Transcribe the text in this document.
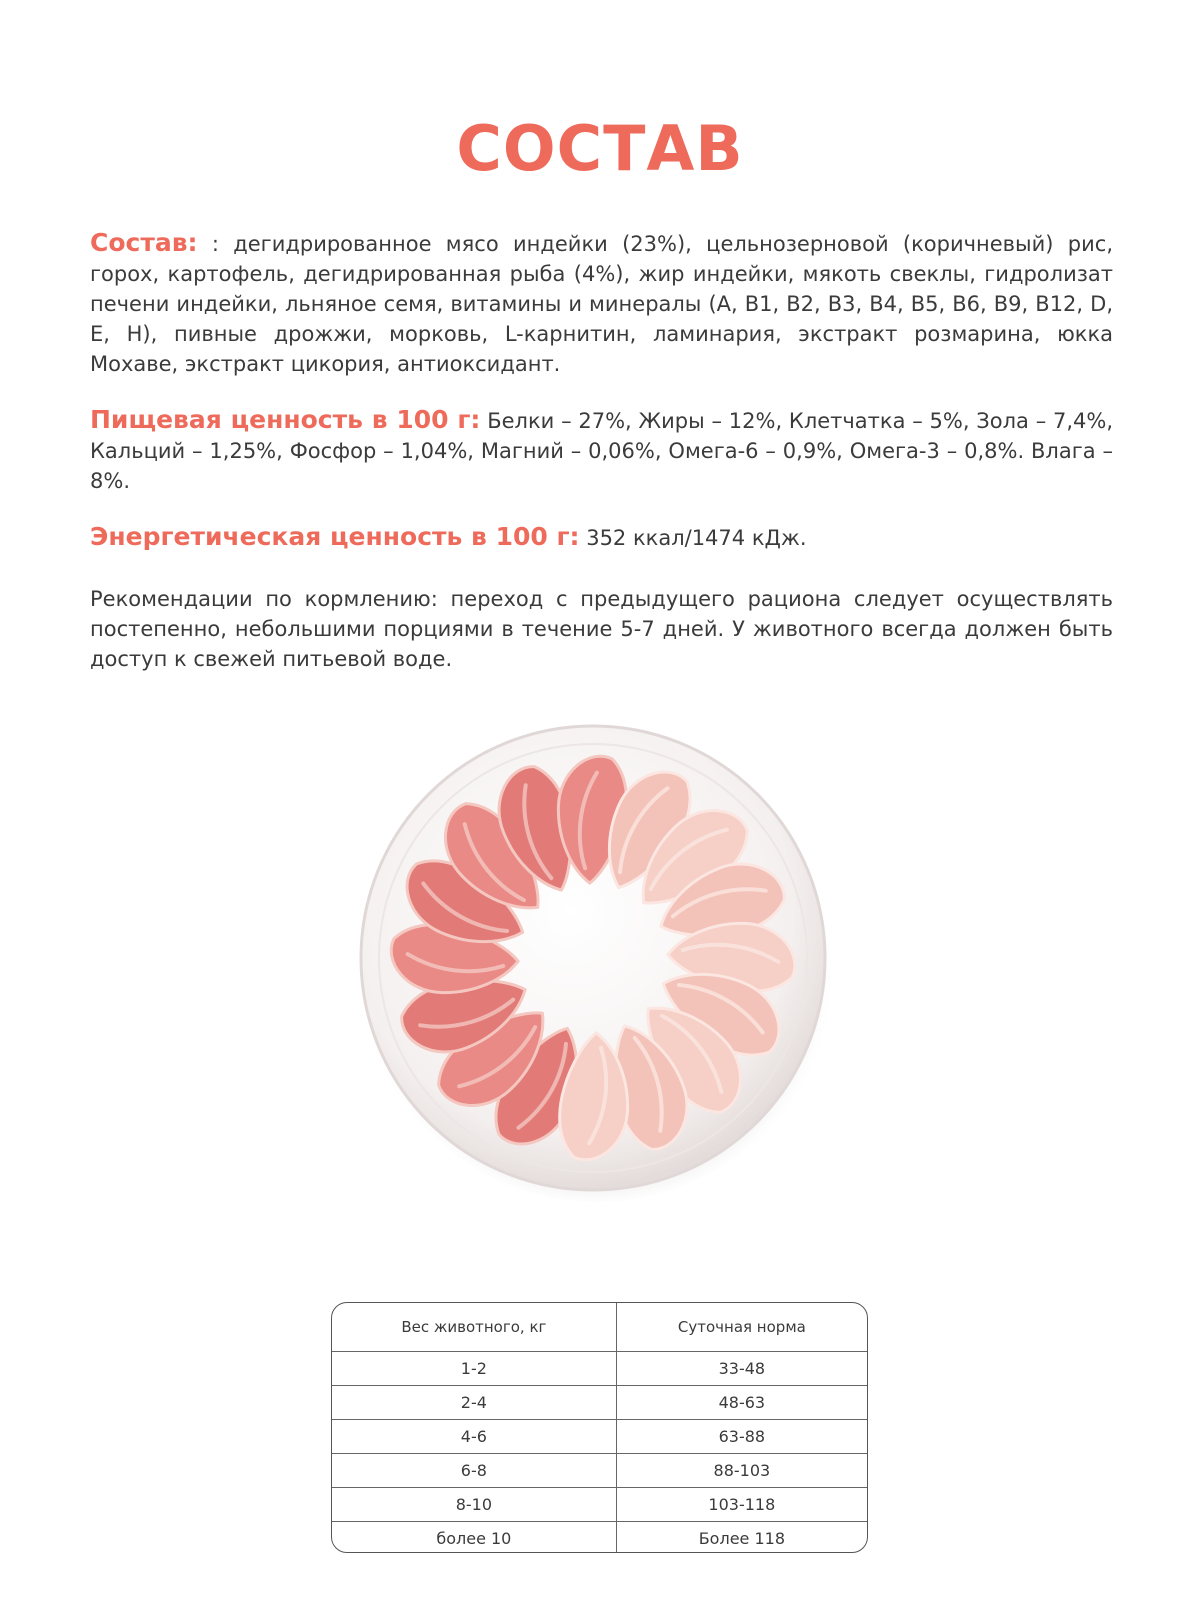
СОСТАВ

Состав: : дегидрированное мясо индейки (23%), цельнозерновой (коричневый) рис, горох, картофель, дегидрированная рыба (4%), жир индейки, мякоть свеклы, гидролизат печени индейки, льняное семя, витамины и минералы (A, B1, B2, B3, B4, B5, B6, B9, B12, D, E, H), пивные дрожжи, морковь, L-карнитин, ламинария, экстракт розмарина, юкка Мохаве, экстракт цикория, антиоксидант.

Пищевая ценность в 100 г: Белки – 27%, Жиры – 12%, Клетчатка – 5%, Зола – 7,4%, Кальций – 1,25%, Фосфор – 1,04%, Магний – 0,06%, Омега-6 – 0,9%, Омега-3 – 0,8%. Влага – 8%.

Энергетическая ценность в 100 г: 352 ккал/1474 кДж.

Рекомендации по кормлению: переход с предыдущего рациона следует осуществлять постепенно, небольшими порциями в течение 5-7 дней. У животного всегда должен быть доступ к свежей питьевой воде.

Вес животного, кг	Суточная норма
1-2	33-48
2-4	48-63
4-6	63-88
6-8	88-103
8-10	103-118
более 10	Более 118
